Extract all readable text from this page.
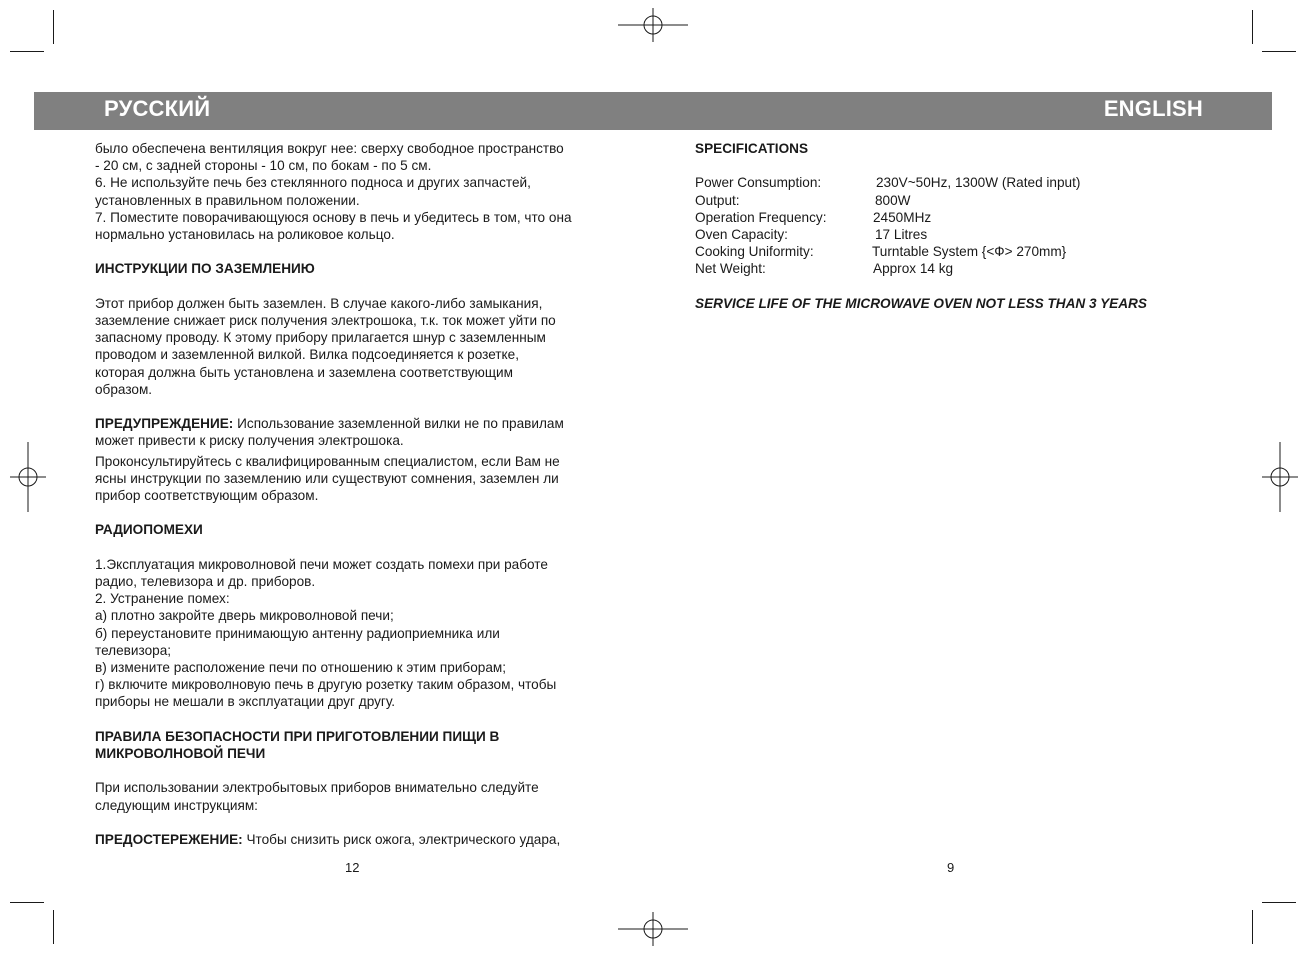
РУССКИЙ	ENGLISH
было обеспечена вентиляция вокруг нее: сверху свободное пространство
- 20 см, с задней стороны - 10 см, по бокам - по 5 см.
6. Не используйте печь без стеклянного подноса и других запчастей,
установленных в правильном положении.
7. Поместите поворачивающуюся основу в печь и убедитесь в том, что она
нормально установилась на роликовое кольцо.
ИНСТРУКЦИИ ПО ЗАЗЕМЛЕНИЮ
Этот прибор должен быть заземлен. В случае какого-либо замыкания,
заземление снижает риск получения электрошока, т.к. ток может уйти по
запасному проводу. К этому прибору прилагается шнур с заземленным
проводом и заземленной вилкой. Вилка подсоединяется к розетке,
которая должна быть установлена и заземлена соответствующим
образом.
ПРЕДУПРЕЖДЕНИЕ: Использование заземленной вилки не по правилам
может привести к риску получения электрошока.
Проконсультируйтесь с квалифицированным специалистом, если Вам не
ясны инструкции по заземлению или существуют сомнения, заземлен ли
прибор соответствующим образом.
РАДИОПОМЕХИ
1.Эксплуатация микроволновой печи может создать помехи при работе
радио, телевизора и др. приборов.
2. Устранение помех:
а) плотно закройте дверь микроволновой печи;
б) переустановите принимающую антенну радиоприемника или
телевизора;
в) измените расположение печи по отношению к этим приборам;
г) включите микроволновую печь в другую розетку таким образом, чтобы
приборы не мешали в эксплуатации друг другу.
ПРАВИЛА БЕЗОПАСНОСТИ ПРИ ПРИГОТОВЛЕНИИ ПИЩИ В
МИКРОВОЛНОВОЙ ПЕЧИ
При использовании электробытовых приборов внимательно следуйте
следующим инструкциям:
ПРЕДОСТЕРЕЖЕНИЕ: Чтобы снизить риск ожога, электрического удара,
SPECIFICATIONS
Power Consumption:	230V~50Hz, 1300W (Rated input)
Output:	800W
Operation Frequency:	2450MHz
Oven Capacity:	17 Litres
Cooking Uniformity:	Turntable System {<Ф> 270mm}
Net Weight:	Approx 14 kg
SERVICE LIFE OF THE MICROWAVE OVEN NOT LESS THAN 3 YEARS
12	9
